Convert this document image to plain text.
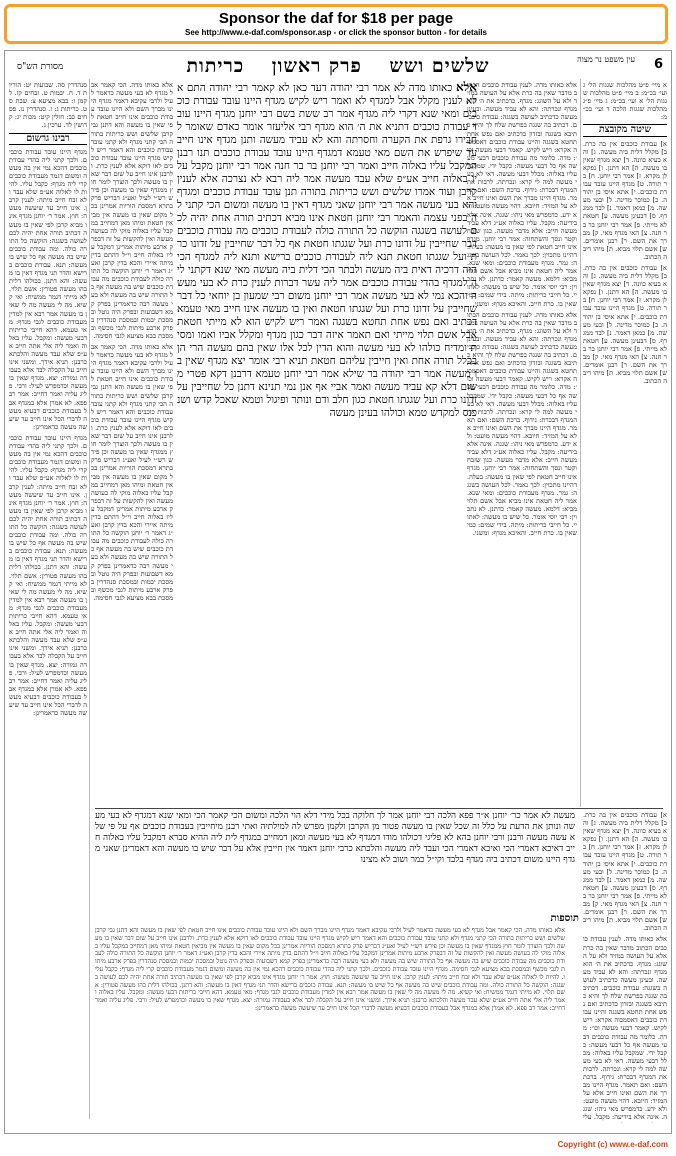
Sponsor the daf for $18 per page
See http://www.e-daf.com/sponsor.asp - or click the sponsor button - for details
6
עין משפט נר מצוה
שלשים ושש פרק ראשון כריתות
מסורת הש"ס

א מיי׳ פ״ט מהלכות שגגות הל׳ ג ועי׳ בכ״מ: ב מיי׳ פ״ט מהלכות שגגות הל׳ א ועי׳ בכ״מ: ג מיי׳ פ״ג מהלכות שגגות הלכה ד ועי׳ בכ״מ:

שיטה מקובצת

א] עבודת כוכבים אין בה כרת. ב] מקלל דלית ביה מעשה. ג] והא בעיא כוונה. ד] יצא מגדף שאין בו מעשה. ה] הא דתנן. ו] נפקא לן מקרא. ז] אמר רבי יוחנן. ח] בר תורה. ט] מגדף היינו עובד עבודת כוכבים. י] אתא איסי בן יהודה. כ] כמוכר מדינה. ל] ובעי מעשה. מ] כמאן דאמר. נ] לבד ממגדף. ס] דבעינן מעשה. ע] חטאת לא מייתי. פ] אמר רבי יוחנן בר בר חנה. צ] האי מגדף מאי. ק] מברך את השם. ר] רבנן אומרים. ש] אשם תלוי מביא. ת] מיהו ריבה הכתוב.

א] עבודת כוכבים אין בה כרת. ב] מקלל דלית ביה מעשה. ג] והא בעיא כוונה. ד] יצא מגדף שאין בו מעשה. ה] הא דתנן. ו] נפקא לן מקרא. ז] אמר רבי יוחנן. ח] בר תורה. ט] מגדף היינו עובד עבודת כוכבים. י] אתא איסי בן יהודה. כ] כמוכר מדינה. ל] ובעי מעשה. מ] כמאן דאמר. נ] לבד ממגדף. ס] דבעינן מעשה. ע] חטאת לא מייתי. פ] אמר רבי יוחנן בר בר חנה. צ] האי מגדף מאי. ק] מברך את השם. ר] רבנן אומרים. ש] אשם תלוי מביא. ת] מיהו ריבה הכתוב.

אלא כאותו מדה. לענין עבודת כוכבים הכתוב מדבר שאין בה כרת אלא על העושה במזיד ולא על השוגג: מגדף. כדכתיב את ה׳ הוא מגדף ונכרתה: והא לא עביד מעשה. ובעינן מעשה כדכתיב לעושה בשגגה: עבודת כוכבים. דכתיב בה שגגה בפרשת שלח לך והיא כתיבא בשגגה ובזדון כדכתיב ואם נפש אחת תחטא בשגגה והיינו עבודת כוכבים דאסמכוה אקרא: ריש לקיש. קאמר דבעי מעשה וכו׳: מדה. כלומר מה עבודת כוכבים דבעי מעשה אף כל דבעי מעשה: כקבל ידי. שמקבל עליו באלוה: מכלל דבעי מעשה. דאי לא בעי מעשה למה לי קרא: ונכרתה. לרבות את המגדף דבכרת: גידוף. ברכת השם: ואם תאמר. מגדף היינו מברך את השם ואינו חייב אלא על המזיד: חיובא. דהוי מעשה מועט: ולא ידע. כדמפרש מאי ניהו: שגגה. אינה אלא בידיעה: מקבל. עליו כאלוה אע״ג דלא עביד מעשה חייב: אלא מדבר מעשה. כגון שזבח וקטר ונסך והשתחוה: אמר רבי יוחנן. מגדף אינו חייב חטאת לפי שאין בו מעשה: בעלה. דהיינו מתכוין: לכך נאמר. לכל העושה בשגגה: גמר. מגדף מעבודת כוכבים: ומאי שנא. אמר ליה חטאת אינו מביא אבל אשם תלוי מביא: דלמא. מעשה קאמר: כדתנן. לא נתכוין: רבי יוסי אומר. כל שיש בו מעשה: לאתויי. כל חייבי כריתות: מיתה. בידי שמים: כמי שאין בו. כרת חייב. והאיכא מגדף: ומשני.

אלא כאותו מדה. לענין עבודת כוכבים הכתוב מדבר שאין בה כרת אלא על העושה במזיד ולא על השוגג: מגדף. כדכתיב את ה׳ הוא מגדף ונכרתה: והא לא עביד מעשה. ובעינן מעשה כדכתיב לעושה בשגגה: עבודת כוכבים. דכתיב בה שגגה בפרשת שלח לך והיא כתיבא בשגגה ובזדון כדכתיב ואם נפש אחת תחטא בשגגה והיינו עבודת כוכבים דאסמכוה אקרא: ריש לקיש. קאמר דבעי מעשה וכו׳: מדה. כלומר מה עבודת כוכבים דבעי מעשה אף כל דבעי מעשה: כקבל ידי. שמקבל עליו באלוה: מכלל דבעי מעשה. דאי לא בעי מעשה למה לי קרא: ונכרתה. לרבות את המגדף דבכרת: גידוף. ברכת השם: ואם תאמר. מגדף היינו מברך את השם ואינו חייב אלא על המזיד: חיובא. דהוי מעשה מועט: ולא ידע. כדמפרש מאי ניהו: שגגה. אינה אלא בידיעה: מקבל. עליו כאלוה אע״ג דלא עביד מעשה חייב: אלא מדבר מעשה. כגון שזבח וקטר ונסך והשתחוה: אמר רבי יוחנן. מגדף אינו חייב חטאת לפי שאין בו מעשה: בעלה. דהיינו מתכוין: לכך נאמר. לכל העושה בשגגה: גמר. מגדף מעבודת כוכבים: ומאי שנא. אמר ליה חטאת אינו מביא אבל אשם תלוי מביא: דלמא. מעשה קאמר: כדתנן. לא נתכוין: רבי יוסי אומר. כל שיש בו מעשה: לאתויי. כל חייבי כריתות: מיתה. בידי שמים: כמי שאין בו. כרת חייב. והאיכא מגדף: ומשני.

אלא כאותו מדה לא אמר רבי יהודה דעד כאן לא קאמר רבי יהודה התם אלא לענין מקלל אבל למגדף לא ואמר ריש לקיש מגדף היינו עובד עבודת כוכבים ומאי שנא דקרי ליה מגדף אמר רב ששת בשם רבי יוחנן מגדף היינו עובד עבודת כוכבים דתניא את ה׳ הוא מגדף רבי אליעזר אומר כאדם שאומר לחבירו גרפת את הקערה וחסרתה והא לא עביד מעשה ותנן מגדף אינו חייב עד שיפרש את השם מאי טעמא דמגדף היינו עובד עבודת כוכבים תנו רבנן המקבל עליו באלוה חייב ואמר רבי יוחנן בר בר חנה אמר רבי יוחנן מקבל עליו באלוה חייב אע״פ שלא עבד מעשה אמר ליה רבא לא נצרכה אלא לענין קרבן ועוד אמרו שלשים ושש כריתות בתורה תנן עובד עבודת כוכבים ומגדף והא בעי מעשה אמר רבי יוחנן שאני מגדף דאין בו מעשה ומשום הכי קתני לה בפני עצמה והאמר רבי יוחנן חטאת אינו מביא דכתיב תורה אחת יהיה לכם לעושה בשגגה הוקשה כל התורה כולה לעבודת כוכבים מה עבודת כוכבים דבר שחייבין על זדונו כרת ועל שגגתו חטאת אף כל דבר שחייבין על זדונו כרת ועל שגגתו חטאת תנא ליה לעבודת כוכבים ברישא ותנא ליה למגדף הכי הוה דרכיה דאית ביה מעשה ולבתר הכי דלית ביה מעשה מאי שנא דקתני ליה למגדף בהדי עבודת כוכבים אמר ליה עשר דברות לענין כרת לא בעי מעשה והכא נמי לא בעי מעשה אמר רבי יוחנן משום רבי שמעון בן יוחאי כל דבר שחייבין על זדונו כרת ועל שגגתו חטאת ואין בו מעשה אינו חייב מאי טעמא דכתיב ואם נפש אחת תחטא בשגגה ואמר ריש לקיש הוא לא מייתי חטאת אבל אשם תלוי מייתי ואם תאמר איזה דבר כגון מגדף ומקלל אביו ואמו ומסית ומדיח כולהו לא בעי מעשה והוא הדין לכל אלו שאין בהם מעשה הרי הן בכלל תורה אחת ואין חייבין עליהם חטאת תניא רבי אומר יצא מגדף שאין בו מעשה אמר רבי יהודה בר שילא אמר רבי יוחנן טעמא דרבנן דקא פטרי משום דלא קא עביד מעשה ואמר אביי אף אנן נמי תנינא דתנן כל שחייבין על זדונו כרת ועל שגגתו חטאת כגון חלב ודם ונותר ופיגול וטמא שאכל קדש ושנכנס למקדש טמא וכולהו בעינן מעשה

אלא כאותו מדה. הכי קאמר אבל מגדף לא בעי מעשה כדאמר לעיל ולרבי עקיבא דאמר מגדף היינו מברך השם ולא היינו עובד עבודת כוכבים אינו חייב חטאת לפי שאין בו מעשה והא דתנן גבי קרבן שלשים ושש כריתות בתורה הכי קתני מגדף ולא קתני עובד עבודת כוכבים והא דאמר ריש לקיש מגדף היינו עובד עבודת כוכבים לאו דוקא אלא לענין כרת. ולרבנן אינו חייב על שום דבר שאין בו מעשה ולכך הוצרך לומר חוץ ממגדף שאין בו מעשה וכן פירש רש״י לעיל ואע״ג דבריש פרק בתרא דמסכת הוריות אמרינן בכל מקום שאין בו מעשה אין מביאין חטאת ומיהו מאן דמחייב במקבל עליו באלוה מוקי לה בעושה מעשה ואין להקשות על זה דבפרק ארבע מיתות אמרינן דמקבל עליו באלוה חייב וי״ל דהתם בדין מיתה איירי והכא בדין קרבן ואע״ג דאמר ר׳ יוחנן הוקשה כל התורה כולה לעבודת כוכבים מה עבודת כוכבים שיש בה מעשה אף כל התורה שיש בה מעשה ולא בעי מעשה רבה כדאמרינן בפרק קמא דשבועות ובפרק היה נוטל ובמסכת יבמות ובמסכת סנהדרין בפרק ארבע מיתות לגבי מכשף ובמסכת בבא מציעא לגבי חסימה.

אלא כאותו מדה. הכי קאמר אבל מגדף לא בעי מעשה כדאמר לעיל ולרבי עקיבא דאמר מגדף היינו מברך השם ולא היינו עובד עבודת כוכבים אינו חייב חטאת לפי שאין בו מעשה והא דתנן גבי קרבן שלשים ושש כריתות בתורה הכי קתני מגדף ולא קתני עובד עבודת כוכבים והא דאמר ריש לקיש מגדף היינו עובד עבודת כוכבים לאו דוקא אלא לענין כרת. ולרבנן אינו חייב על שום דבר שאין בו מעשה ולכך הוצרך לומר חוץ ממגדף שאין בו מעשה וכן פירש רש״י לעיל ואע״ג דבריש פרק בתרא דמסכת הוריות אמרינן בכל מקום שאין בו מעשה אין מביאין חטאת ומיהו מאן דמחייב במקבל עליו באלוה מוקי לה בעושה מעשה ואין להקשות על זה דבפרק ארבע מיתות אמרינן דמקבל עליו באלוה חייב וי״ל דהתם בדין מיתה איירי והכא בדין קרבן ואע״ג דאמר ר׳ יוחנן הוקשה כל התורה כולה לעבודת כוכבים מה עבודת כוכבים שיש בה מעשה אף כל התורה שיש בה מעשה ולא בעי מעשה רבה כדאמרינן בפרק קמא דשבועות ובפרק היה נוטל ובמסכת יבמות ובמסכת סנהדרין בפרק ארבע מיתות לגבי מכשף ובמסכת בבא מציעא לגבי חסימה.

סנהדרין סה. שבועות יט: הוריות ד. ח. יבמות ט. זבחים קז. לקמן ז: בבא מציעא צ: שבת סט. כריתות ג: ז. סנהדרין נו. פסחים כב: חולין קיט: מכות יג: קדושין לד. ערכין ג.

רבינו גרשום

מגדף היינו עובד עבודת כוכבים. ולכך קתני ליה בהדי עבודת כוכבים דהכא נמי אין בה מעשה ומשום דגמר מעבודת כוכבים קרי ליה מגדף: כקבל עליו. להיות לו לאלוה אע״פ שלא עבד ולא זבח חייב מיתה: לענין קרבן. אינו חייב עד שיעשה מעשה: חוץ. אמר ר׳ יוחנן מגדף אינו מביא קרבן לפי שאין בו מעשה דכתיב תורה אחת יהיה לכם לעושה בשגגה: הוקשה כל התורה כולה. ומה עבודת כוכבים שיש בה מעשה אף כל שיש בו מעשה: תנא. עבודת כוכבים ברישא והדר תני מגדף דאין בו מעשה: והא דתנן. בכולהו דלית בהו מעשה פטורין: אשם תלוי. לא מייתי דגמר ממשיח: ואי קשיא. מה לי מעשה מה לי שאין בו מעשה אמר רבא אין למדין מעבודת כוכבים לגבי מגדף: מאי טעמא. דהא חייבי כריתות דבעי מעשה: ומקבל. עליו באלוה ואמר ליה אלי אתה חייב אע״פ שלא עבד מעשה והלכתא כרבנן: תניא אידך. ומשני אינו חייב על הקבלה לבד אלא בעבודה גמורה: יצא. מגדף שאין בו מעשה וכדמפרש לעיל: ורבי. פליג עליה ואמר דחייב: אמר רב פפא. לא אמרן אלא במגדף אבל בעבודת כוכבים דבעיא מעשה לדברי הכל אינו חייב עד שיעשה מעשה כדאמרינן:

מגדף היינו עובד עבודת כוכבים. ולכך קתני ליה בהדי עבודת כוכבים דהכא נמי אין בה מעשה ומשום דגמר מעבודת כוכבים קרי ליה מגדף: כקבל עליו. להיות לו לאלוה אע״פ שלא עבד ולא זבח חייב מיתה: לענין קרבן. אינו חייב עד שיעשה מעשה: חוץ. אמר ר׳ יוחנן מגדף אינו מביא קרבן לפי שאין בו מעשה דכתיב תורה אחת יהיה לכם לעושה בשגגה: הוקשה כל התורה כולה. ומה עבודת כוכבים שיש בה מעשה אף כל שיש בו מעשה: תנא. עבודת כוכבים ברישא והדר תני מגדף דאין בו מעשה: והא דתנן. בכולהו דלית בהו מעשה פטורין: אשם תלוי. לא מייתי דגמר ממשיח: ואי קשיא. מה לי מעשה מה לי שאין בו מעשה אמר רבא אין למדין מעבודת כוכבים לגבי מגדף: מאי טעמא. דהא חייבי כריתות דבעי מעשה: ומקבל. עליו באלוה ואמר ליה אלי אתה חייב אע״פ שלא עבד מעשה והלכתא כרבנן: תניא אידך. ומשני אינו חייב על הקבלה לבד אלא בעבודה גמורה: יצא. מגדף שאין בו מעשה וכדמפרש לעיל: ורבי. פליג עליה ואמר דחייב: אמר רב פפא. לא אמרן אלא במגדף אבל בעבודת כוכבים דבעיא מעשה לדברי הכל אינו חייב עד שיעשה מעשה כדאמרינן:

מעשה לא אמר כר׳ יוחנן א״ר פפא הלכה רבי יוחנן אמר לך חלוקה בכל מידי דלא הוי הלכה ומשום הכי קאמר הכי ומאי שנא דמגדף לא בעי מעשה ונותן את הדעת על כלל זה שכל שאין בו מעשה פטור מן הקרבן ולקמן מפרש לה למילתיה ואתי רבנן מיחייבין בעבודת כוכבים אף על פי שלא עשה מעשה ורבנן ורבי יוחנן בהא לא פליגי דכולהו מודו דמגדף לא בעי מעשה ומאן דמחייב במגדף לית ליה ההיא סברא דמקבל עליו באלוה חייב דאיכא דאמרי הכי ואיכא דאמרי הכי ועבד ליה מעשה והלכתא כרבי יוחנן דאמר אין חייבין אלא על דבר שיש בו מעשה והא דאמרינן שאני מגדף היינו משום דכתיב ביה מגדף בלבד וקי״ל כמר ושוב לא מצינו
תוספות
אלא כאותו מדה. הכי קאמר אבל מגדף לא בעי מעשה כדאמר לעיל ולרבי עקיבא דאמר מגדף היינו מברך השם ולא היינו עובד עבודת כוכבים אינו חייב חטאת לפי שאין בו מעשה והא דתנן גבי קרבן שלשים ושש כריתות בתורה הכי קתני מגדף ולא קתני עובד עבודת כוכבים והא דאמר ריש לקיש מגדף היינו עובד עבודת כוכבים לאו דוקא אלא לענין כרת. ולרבנן אינו חייב על שום דבר שאין בו מעשה ולכך הוצרך לומר חוץ ממגדף שאין בו מעשה וכן פירש רש״י לעיל ואע״ג דבריש פרק בתרא דמסכת הוריות אמרינן בכל מקום שאין בו מעשה אין מביאין חטאת ומיהו מאן דמחייב במקבל עליו באלוה מוקי לה בעושה מעשה ואין להקשות על זה דבפרק ארבע מיתות אמרינן דמקבל עליו באלוה חייב וי״ל דהתם בדין מיתה איירי והכא בדין קרבן ואע״ג דאמר ר׳ יוחנן הוקשה כל התורה כולה לעבודת כוכבים מה עבודת כוכבים שיש בה מעשה אף כל התורה שיש בה מעשה ולא בעי מעשה רבה כדאמרינן בפרק קמא דשבועות ובפרק היה נוטל ובמסכת יבמות ובמסכת סנהדרין בפרק ארבע מיתות לגבי מכשף ובמסכת בבא מציעא לגבי חסימה. מגדף היינו עובד עבודת כוכבים. ולכך קתני ליה בהדי עבודת כוכבים דהכא נמי אין בה מעשה ומשום דגמר מעבודת כוכבים קרי ליה מגדף: כקבל עליו. להיות לו לאלוה אע״פ שלא עבד ולא זבח חייב מיתה: לענין קרבן. אינו חייב עד שיעשה מעשה: חוץ. אמר ר׳ יוחנן מגדף אינו מביא קרבן לפי שאין בו מעשה דכתיב תורה אחת יהיה לכם לעושה בשגגה: הוקשה כל התורה כולה. ומה עבודת כוכבים שיש בה מעשה אף כל שיש בו מעשה: תנא. עבודת כוכבים ברישא והדר תני מגדף דאין בו מעשה: והא דתנן. בכולהו דלית בהו מעשה פטורין: אשם תלוי. לא מייתי דגמר ממשיח: ואי קשיא. מה לי מעשה מה לי שאין בו מעשה אמר רבא אין למדין מעבודת כוכבים לגבי מגדף: מאי טעמא. דהא חייבי כריתות דבעי מעשה: ומקבל. עליו באלוה ואמר ליה אלי אתה חייב אע״פ שלא עבד מעשה והלכתא כרבנן: תניא אידך. ומשני אינו חייב על הקבלה לבד אלא בעבודה גמורה: יצא. מגדף שאין בו מעשה וכדמפרש לעיל: ורבי. פליג עליה ואמר דחייב: אמר רב פפא. לא אמרן אלא במגדף אבל בעבודת כוכבים דבעיא מעשה לדברי הכל אינו חייב עד שיעשה מעשה כדאמרינן:

א] עבודת כוכבים אין בה כרת. ב] מקלל דלית ביה מעשה. ג] והא בעיא כוונה. ד] יצא מגדף שאין בו מעשה. ה] הא דתנן. ו] נפקא לן מקרא. ז] אמר רבי יוחנן. ח] בר תורה. ט] מגדף היינו עובד עבודת כוכבים. י] אתא איסי בן יהודה. כ] כמוכר מדינה. ל] ובעי מעשה. מ] כמאן דאמר. נ] לבד ממגדף. ס] דבעינן מעשה. ע] חטאת לא מייתי. פ] אמר רבי יוחנן בר בר חנה. צ] האי מגדף מאי. ק] מברך את השם. ר] רבנן אומרים. ש] אשם תלוי מביא. ת] מיהו ריבה הכתוב.

אלא כאותו מדה. לענין עבודת כוכבים הכתוב מדבר שאין בה כרת אלא על העושה במזיד ולא על השוגג: מגדף. כדכתיב את ה׳ הוא מגדף ונכרתה: והא לא עביד מעשה. ובעינן מעשה כדכתיב לעושה בשגגה: עבודת כוכבים. דכתיב בה שגגה בפרשת שלח לך והיא כתיבא בשגגה ובזדון כדכתיב ואם נפש אחת תחטא בשגגה והיינו עבודת כוכבים דאסמכוה אקרא: ריש לקיש. קאמר דבעי מעשה וכו׳: מדה. כלומר מה עבודת כוכבים דבעי מעשה אף כל דבעי מעשה: כקבל ידי. שמקבל עליו באלוה: מכלל דבעי מעשה. דאי לא בעי מעשה למה לי קרא: ונכרתה. לרבות את המגדף דבכרת: גידוף. ברכת השם: ואם תאמר. מגדף היינו מברך את השם ואינו חייב אלא על המזיד: חיובא. דהוי מעשה מועט: ולא ידע. כדמפרש מאי ניהו: שגגה. אינה אלא בידיעה: מקבל. עלי

Copyright (c) www.e-daf.com
